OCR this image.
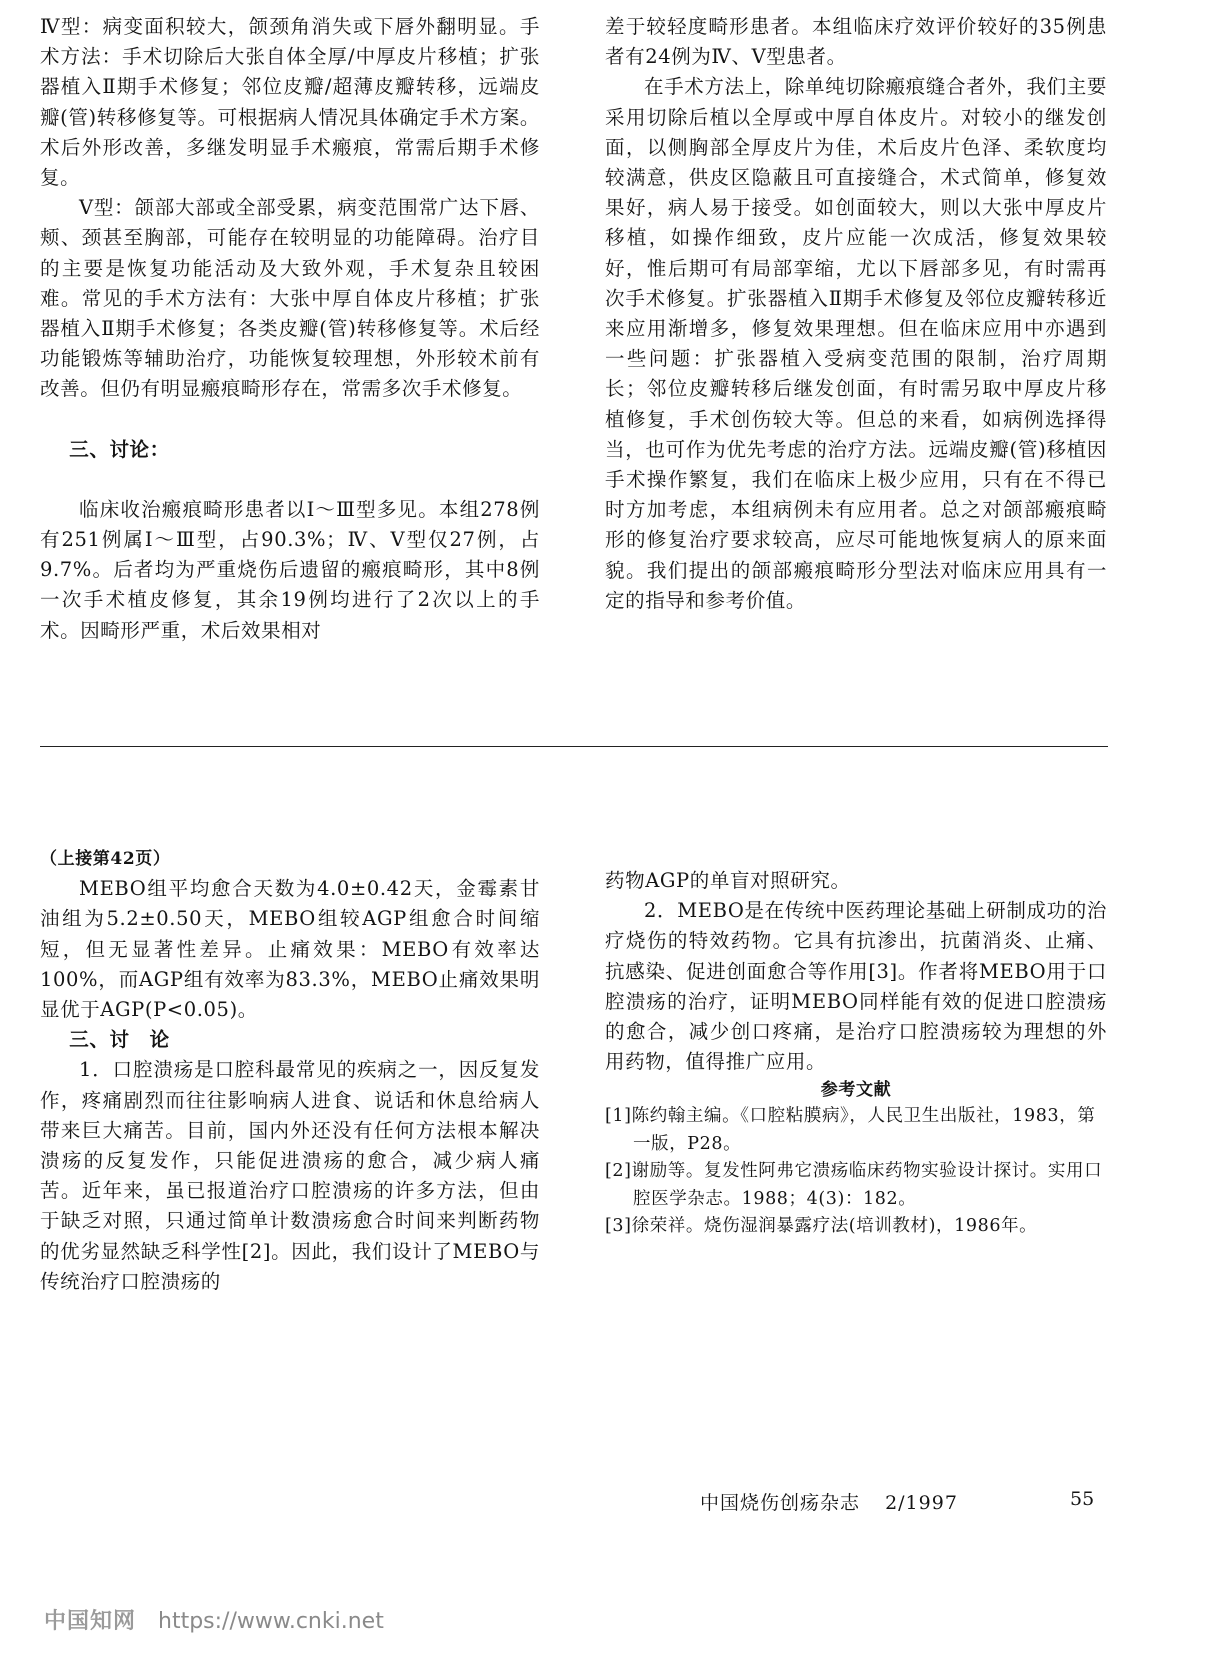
Ⅳ型：病变面积较大，颌颈角消失或下唇外翻明显。手术方法：手术切除后大张自体全厚/中厚皮片移植；扩张器植入Ⅱ期手术修复；邻位皮瓣/超薄皮瓣转移，远端皮瓣(管)转移修复等。可根据病人情况具体确定手术方案。术后外形改善，多继发明显手术瘢痕，常需后期手术修复。

Ⅴ型：颌部大部或全部受累，病变范围常广达下唇、颊、颈甚至胸部，可能存在较明显的功能障碍。治疗目的主要是恢复功能活动及大致外观，手术复杂且较困难。常见的手术方法有：大张中厚自体皮片移植；扩张器植入Ⅱ期手术修复；各类皮瓣(管)转移修复等。术后经功能锻炼等辅助治疗，功能恢复较理想，外形较术前有改善。但仍有明显瘢痕畸形存在，常需多次手术修复。

三、讨论：

临床收治瘢痕畸形患者以Ⅰ～Ⅲ型多见。本组278例有251例属Ⅰ～Ⅲ型，占90.3%；Ⅳ、Ⅴ型仅27例，占9.7%。后者均为严重烧伤后遗留的瘢痕畸形，其中8例一次手术植皮修复，其余19例均进行了2次以上的手术。因畸形严重，术后效果相对

差于较轻度畸形患者。本组临床疗效评价较好的35例患者有24例为Ⅳ、Ⅴ型患者。

在手术方法上，除单纯切除瘢痕缝合者外，我们主要采用切除后植以全厚或中厚自体皮片。对较小的继发创面，以侧胸部全厚皮片为佳，术后皮片色泽、柔软度均较满意，供皮区隐蔽且可直接缝合，术式简单，修复效果好，病人易于接受。如创面较大，则以大张中厚皮片移植，如操作细致，皮片应能一次成活，修复效果较好，惟后期可有局部挛缩，尤以下唇部多见，有时需再次手术修复。扩张器植入Ⅱ期手术修复及邻位皮瓣转移近来应用渐增多，修复效果理想。但在临床应用中亦遇到一些问题：扩张器植入受病变范围的限制，治疗周期长；邻位皮瓣转移后继发创面，有时需另取中厚皮片移植修复，手术创伤较大等。但总的来看，如病例选择得当，也可作为优先考虑的治疗方法。远端皮瓣(管)移植因手术操作繁复，我们在临床上极少应用，只有在不得已时方加考虑，本组病例未有应用者。总之对颌部瘢痕畸形的修复治疗要求较高，应尽可能地恢复病人的原来面貌。我们提出的颌部瘢痕畸形分型法对临床应用具有一定的指导和参考价值。

（上接第42页）

MEBO组平均愈合天数为4.0±0.42天，金霉素甘油组为5.2±0.50天，MEBO组较AGP组愈合时间缩短，但无显著性差异。止痛效果：MEBO有效率达100%，而AGP组有效率为83.3%，MEBO止痛效果明显优于AGP(P<0.05)。

三、讨　论

1．口腔溃疡是口腔科最常见的疾病之一，因反复发作，疼痛剧烈而往往影响病人进食、说话和休息给病人带来巨大痛苦。目前，国内外还没有任何方法根本解决溃疡的反复发作，只能促进溃疡的愈合，减少病人痛苦。近年来，虽已报道治疗口腔溃疡的许多方法，但由于缺乏对照，只通过简单计数溃疡愈合时间来判断药物的优劣显然缺乏科学性[2]。因此，我们设计了MEBO与传统治疗口腔溃疡的

药物AGP的单盲对照研究。

2．MEBO是在传统中医药理论基础上研制成功的治疗烧伤的特效药物。它具有抗渗出，抗菌消炎、止痛、抗感染、促进创面愈合等作用[3]。作者将MEBO用于口腔溃疡的治疗，证明MEBO同样能有效的促进口腔溃疡的愈合，减少创口疼痛，是治疗口腔溃疡较为理想的外用药物，值得推广应用。

参考文献

[1]陈约翰主编。《口腔粘膜病》，人民卫生出版社，1983，第一版，P28。

[2]谢励等。复发性阿弗它溃疡临床药物实验设计探讨。实用口腔医学杂志。1988；4(3)：182。

[3]徐荣祥。烧伤湿润暴露疗法(培训教材)，1986年。

中国烧伤创疡杂志 2/1997	55
中国知网 https://www.cnki.net
